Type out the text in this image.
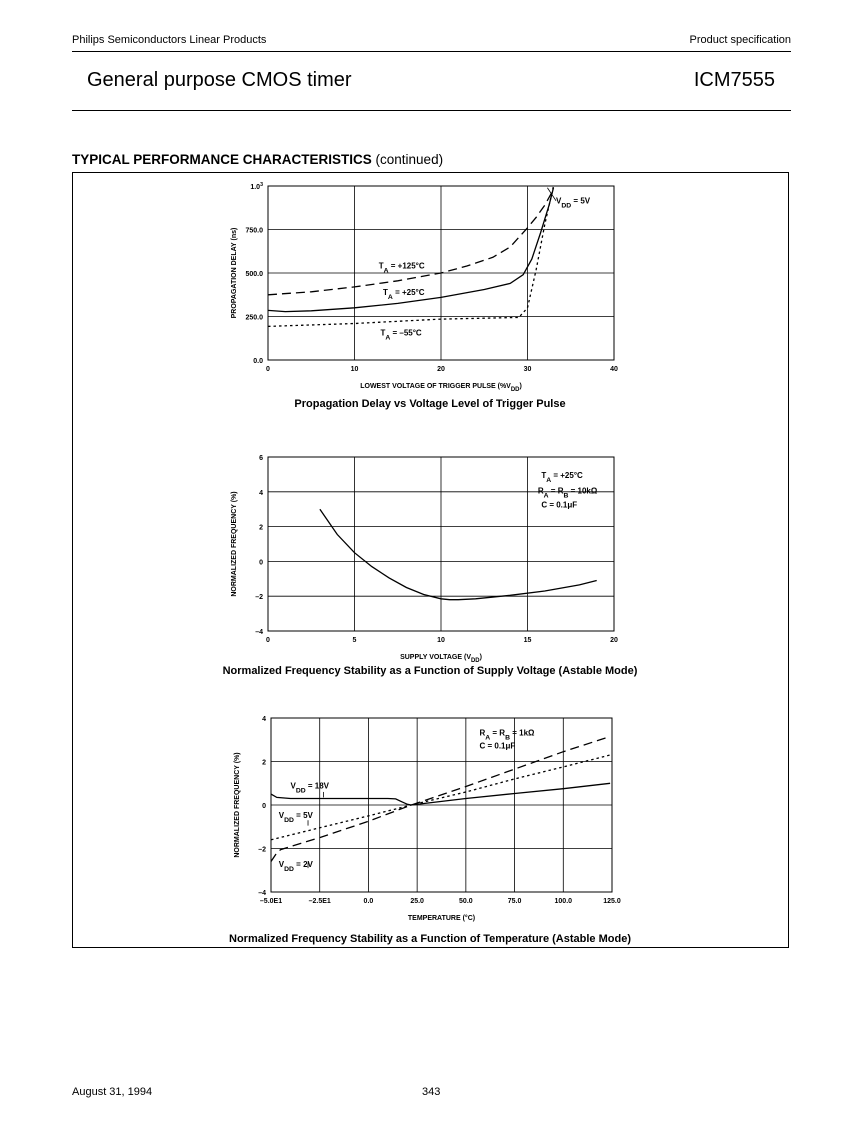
Philips Semiconductors Linear Products	Product specification
General purpose CMOS timer	ICM7555
TYPICAL PERFORMANCE CHARACTERISTICS (continued)
0	10	20	30	40
0.0
250.0
500.0
750.0
$1.0^3$
LOWEST VOLTAGE OF TRIGGER PULSE $(\%V_{DD})$
PROPAGATION DELAY (ns)
$V_{DD} = 5V$
$T_A = +125^\circ C$
$T_A = +25^\circ C$
$T_A = -55^\circ C$
Propagation Delay vs Voltage Level of Trigger Pulse
0	5	10	15	20
–4
–2
0
2
4
6
SUPPLY VOLTAGE $(V_{DD})$
NORMALIZED FREQUENCY (%)
$T_A = +25^\circ C$
$R_A = R_B = 10k\Omega$
C = 0.1μF
Normalized Frequency Stability as a Function of Supply Voltage (Astable Mode)
–5.0E1	–2.5E1	0.0	25.0	50.0	75.0	100.0	125.0
–4
–2
0
2
4
TEMPERATURE (°C)
NORMALIZED FREQUENCY (%)
$R_A = R_B = 1k\Omega$
C = 0.1μF
$V_{DD} = 18V$
$V_{DD} = 5V$
$V_{DD} = 2V$
Normalized Frequency Stability as a Function of Temperature (Astable Mode)
August 31, 1994	343
